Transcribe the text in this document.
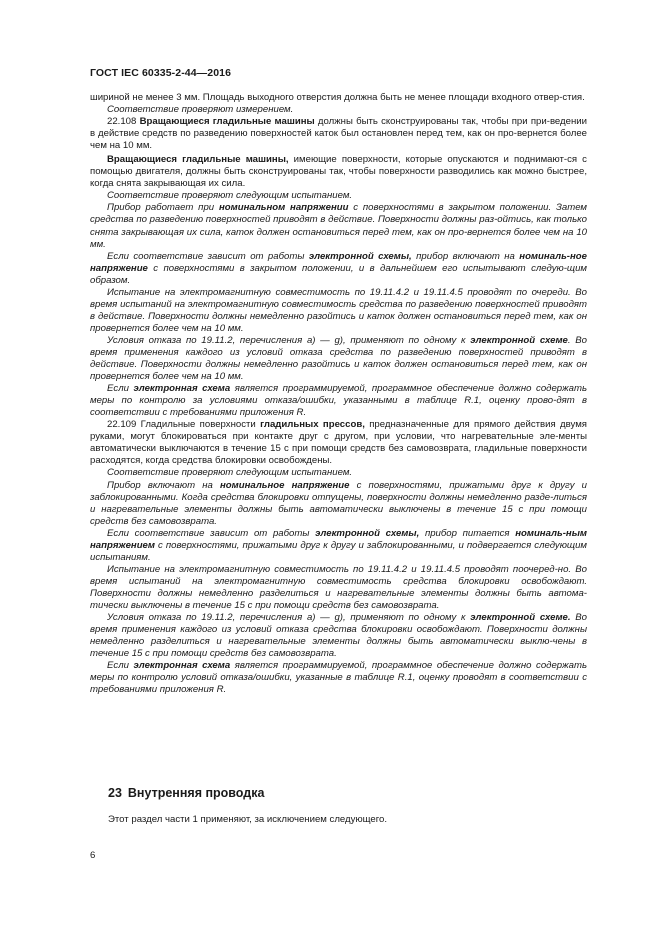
ГОСТ IEC 60335-2-44—2016

шириной не менее 3 мм. Площадь выходного отверстия должна быть не менее площади входного отвер-стия.

Соответствие проверяют измерением.

22.108 Вращающиеся гладильные машины должны быть сконструированы так, чтобы при при-ведении в действие средств по разведению поверхностей каток был остановлен перед тем, как он про-вернется более чем на 10 мм.

Вращающиеся гладильные машины, имеющие поверхности, которые опускаются и поднимают-ся с помощью двигателя, должны быть сконструированы так, чтобы поверхности разводились как можно быстрее, когда снята закрывающая их сила.

Соответствие проверяют следующим испытанием.

Прибор работает при номинальном напряжении с поверхностями в закрытом положении. Затем средства по разведению поверхностей приводят в действие. Поверхности должны раз-ойтись, как только снята закрывающая их сила, каток должен остановиться перед тем, как он про-вернется более чем на 10 мм.

Если соответствие зависит от работы электронной схемы, прибор включают на номиналь-ное напряжение с поверхностями в закрытом положении, и в дальнейшем его испытывают следую-щим образом.

Испытание на электромагнитную совместимость по 19.11.4.2 и 19.11.4.5 проводят по очереди. Во время испытаний на электромагнитную совместимость средства по разведению поверхностей приводят в действие. Поверхности должны немедленно разойтись и каток должен остановиться перед тем, как он провернется более чем на 10 мм.

Условия отказа по 19.11.2, перечисления а) — g), применяют по одному к электронной схеме. Во время применения каждого из условий отказа средства по разведению поверхностей приводят в действие. Поверхности должны немедленно разойтись и каток должен остановиться перед тем, как он провернется более чем на 10 мм.

Если электронная схема является программируемой, программное обеспечение должно содержать меры по контролю за условиями отказа/ошибки, указанными в таблице R.1, оценку прово-дят в соответствии с требованиями приложения R.

22.109 Гладильные поверхности гладильных прессов, предназначенные для прямого действия двумя руками, могут блокироваться при контакте друг с другом, при условии, что нагревательные эле-менты автоматически выключаются в течение 15 с при помощи средств без самовозврата, гладильные поверхности расходятся, когда средства блокировки освобождены.

Соответствие проверяют следующим испытанием.

Прибор включают на номинальное напряжение с поверхностями, прижатыми друг к другу и заблокированными. Когда средства блокировки отпущены, поверхности должны немедленно разде-литься и нагревательные элементы должны быть автоматически выключены в течение 15 с при помощи средств без самовозврата.

Если соответствие зависит от работы электронной схемы, прибор питается номиналь-ным напряжением с поверхностями, прижатыми друг к другу и заблокированными, и подвергается следующим испытаниям.

Испытание на электромагнитную совместимость по 19.11.4.2 и 19.11.4.5 проводят поочеред-но. Во время испытаний на электромагнитную совместимость средства блокировки освобождают. Поверхности должны немедленно разделиться и нагревательные элементы должны быть автома-тически выключены в течение 15 с при помощи средств без самовозврата.

Условия отказа по 19.11.2, перечисления а) — g), применяют по одному к электронной схеме. Во время применения каждого из условий отказа средства блокировки освобождают. Поверхности должны немедленно разделиться и нагревательные элементы должны быть автоматически выклю-чены в течение 15 с при помощи средств без самовозврата.

Если электронная схема является программируемой, программное обеспечение должно содержать меры по контролю условий отказа/ошибки, указанные в таблице R.1, оценку проводят в соответствии с требованиями приложения R.

23 Внутренняя проводка
Этот раздел части 1 применяют, за исключением следующего.
6
